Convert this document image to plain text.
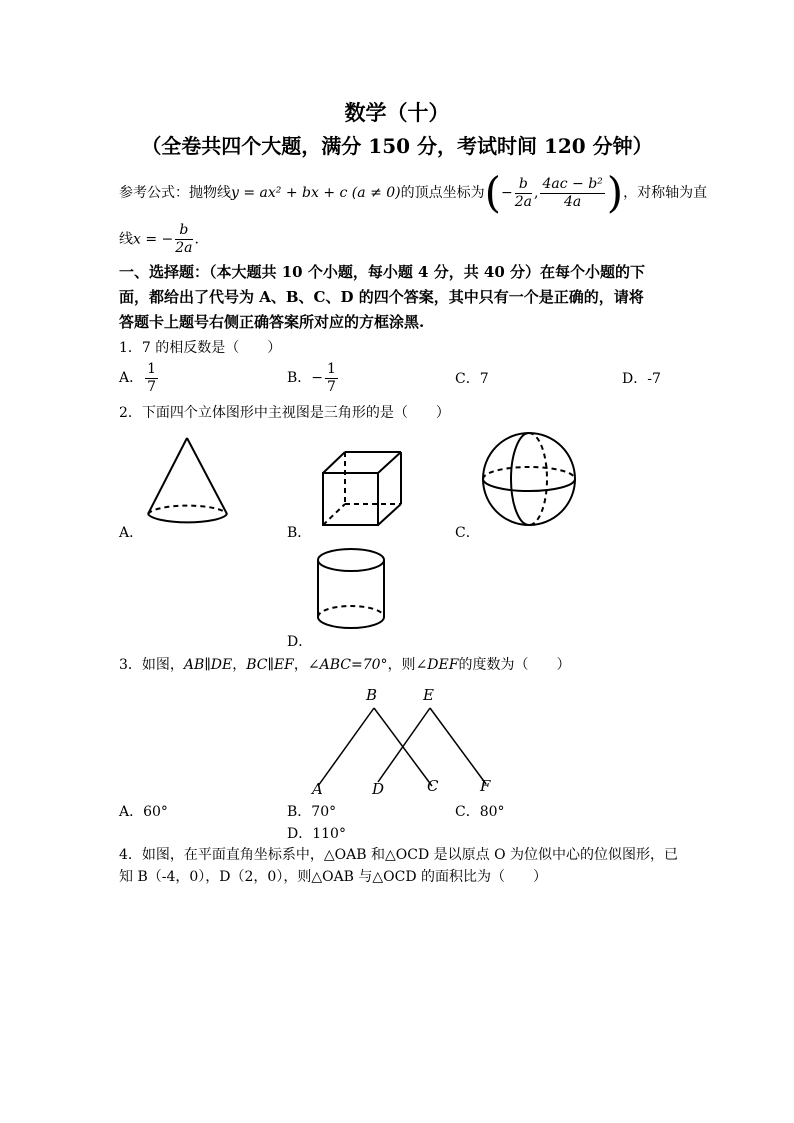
数学（十）
（全卷共四个大题，满分 150 分，考试时间 120 分钟）
参考公式：抛物线y = ax² + bx + c (a ≠ 0)的顶点坐标为(− $\frac{b}{2a}$ , $\frac{\text{4ac − b²}}{4a}$ )，对称轴为直
线x = − $\frac{b}{2a}$ .
一、选择题：（本大题共 10 个小题，每小题 4 分，共 40 分）在每个小题的下
面，都给出了代号为 A、B、C、D 的四个答案，其中只有一个是正确的，请将
答题卡上题号右侧正确答案所对应的方框涂黑.
1．7 的相反数是（　　）
A． $\frac{1}{7}$	B．− $\frac{1}{7}$	C．7	D．-7
2．下面四个立体图形中主视图是三角形的是（　　）
A．	B．	C．
D．
3．如图，AB∥DE，BC∥EF，∠ABC=70°，则∠DEF的度数为（　　）
B	E
A	D	C	F
A．60°	B．70°	C．80°
D．110°
4．如图，在平面直角坐标系中，△OAB 和△OCD 是以原点 O 为位似中心的位似图形，已
知 B（-4，0），D（2，0），则△OAB 与△OCD 的面积比为（　　）
